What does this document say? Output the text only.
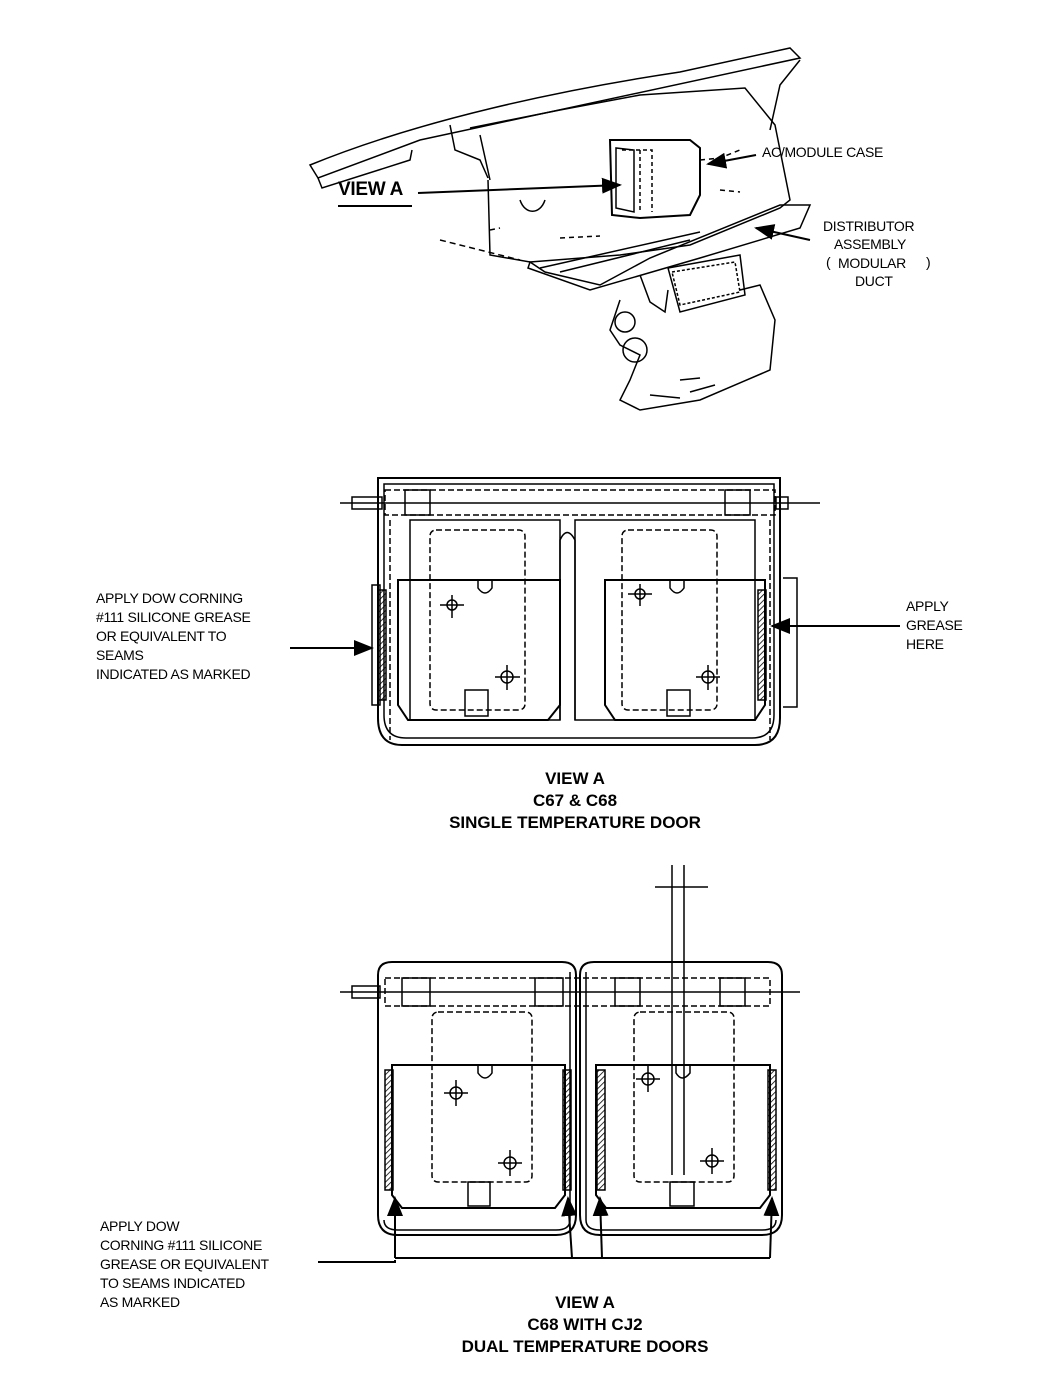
VIEW A
AC/MODULE CASE
DISTRIBUTOR
ASSEMBLY
( MODULAR )
DUCT
APPLY DOW CORNING
#111 SILICONE GREASE
OR EQUIVALENT TO
SEAMS
INDICATED AS MARKED
APPLY
GREASE
HERE
VIEW A
C67 & C68
SINGLE TEMPERATURE DOOR
APPLY DOW
CORNING #111 SILICONE
GREASE OR EQUIVALENT
TO SEAMS INDICATED
AS MARKED	VIEW A
C68 WITH CJ2
DUAL TEMPERATURE DOORS
